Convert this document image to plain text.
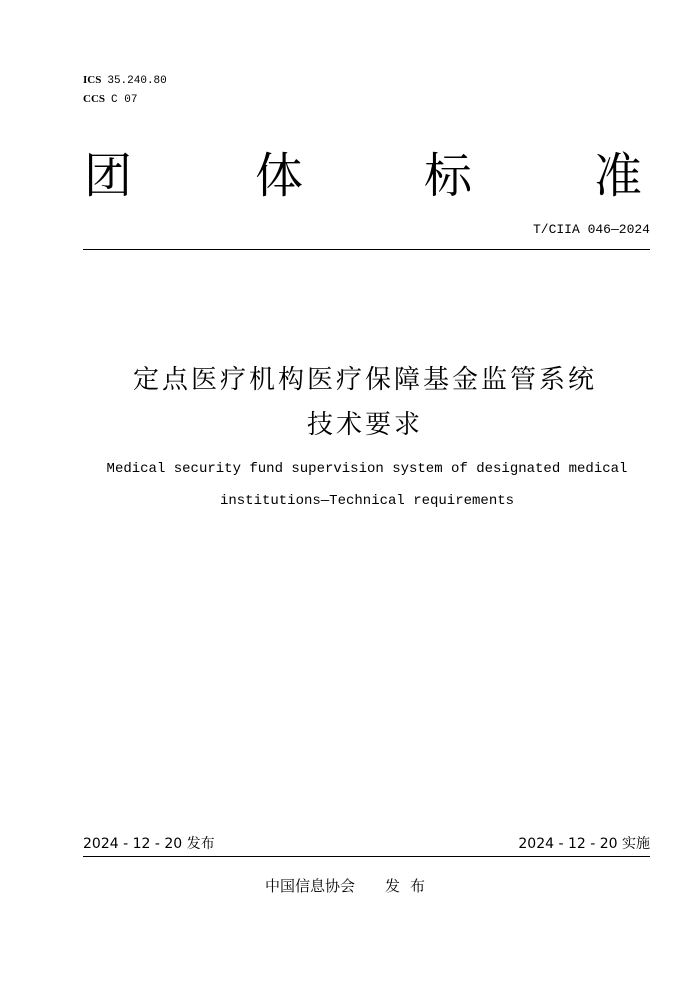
ICS 35.240.80
CCS C 07
团	体	标	准
T/CIIA 046—2024
定点医疗机构医疗保障基金监管系统
技术要求
Medical security fund supervision system of designated medical
institutions—Technical requirements
2024 - 12 - 20 发布	2024 - 12 - 20 实施
中国信息协会 发布
